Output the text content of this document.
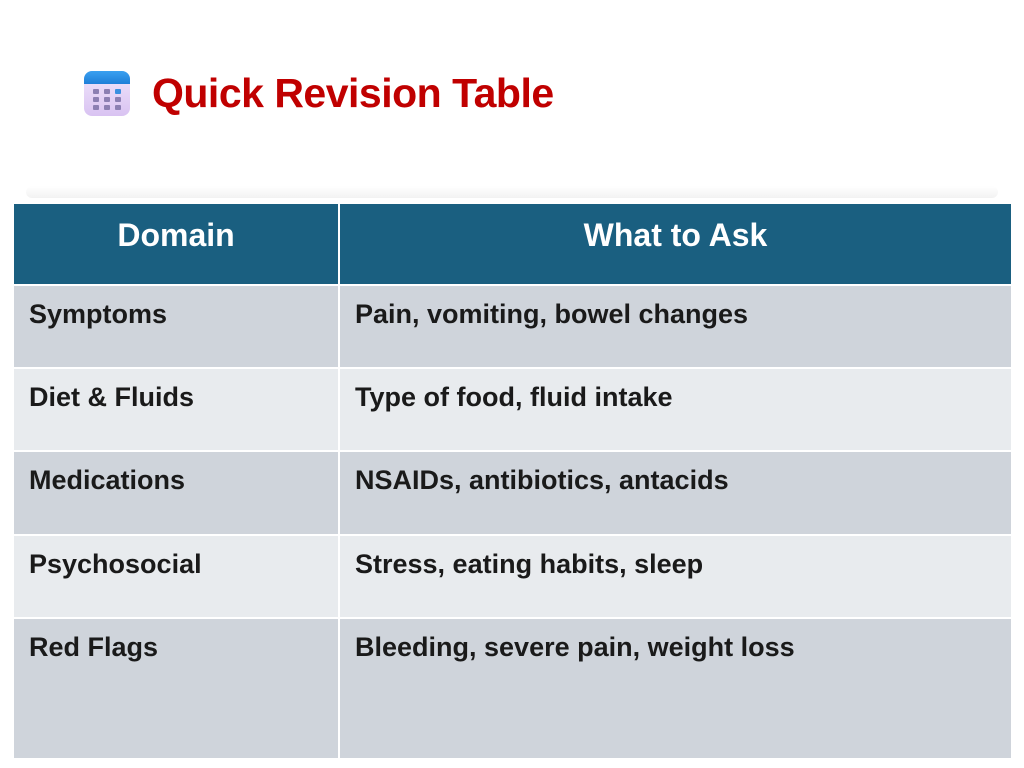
Quick Revision Table
Domain	What to Ask
Symptoms	Pain, vomiting, bowel changes
Diet & Fluids	Type of food, fluid intake
Medications	NSAIDs, antibiotics, antacids
Psychosocial	Stress, eating habits, sleep
Red Flags	Bleeding, severe pain, weight loss
